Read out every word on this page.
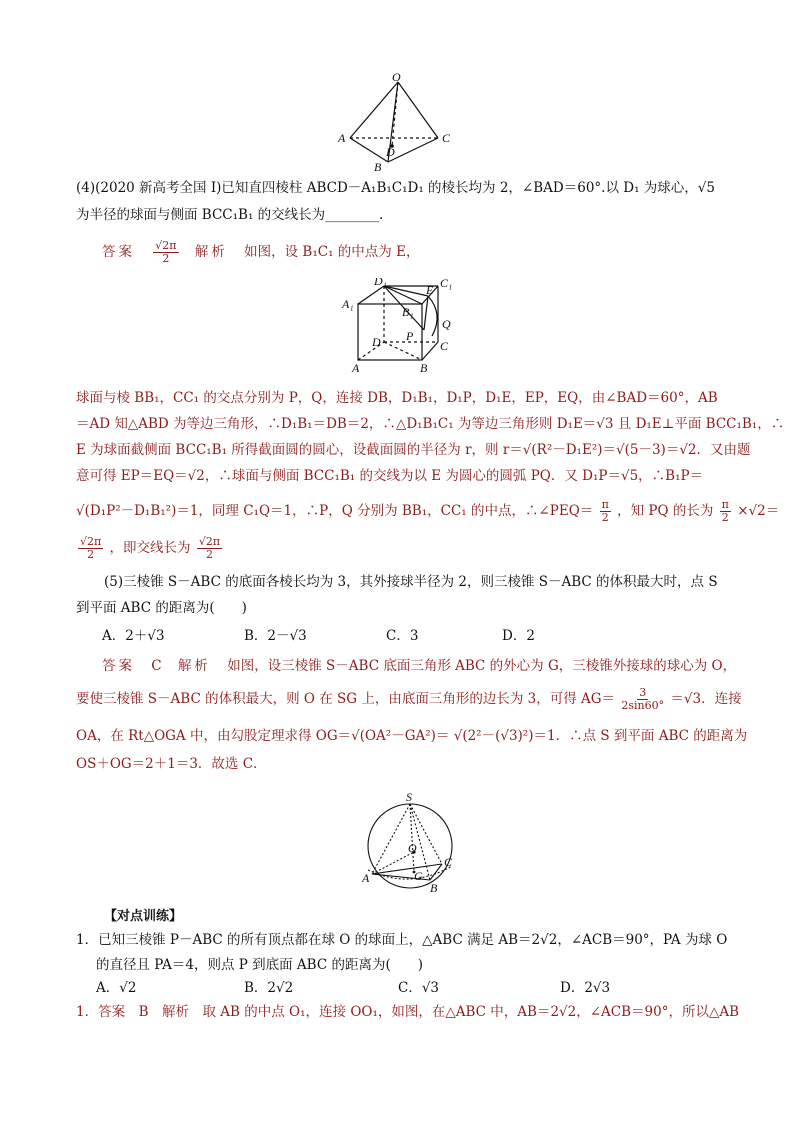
O
A	C
D
B
(4)(2020 新高考全国 I)已知直四棱柱 ABCD－A₁B₁C₁D₁ 的棱长均为 2，∠BAD＝60°.以 D₁ 为球心，√5
为半径的球面与侧面 BCC₁B₁ 的交线长为________．
答案 $\frac{√2\pi}{2}$ 解析 如图，设 B₁C₁ 的中点为 E，
D₁	C₁
A₁
E
B₁
Q
P
D	C
A	B
球面与棱 BB₁，CC₁ 的交点分别为 P，Q，连接 DB，D₁B₁，D₁P，D₁E，EP，EQ，由∠BAD＝60°，AB
＝AD 知△ABD 为等边三角形，∴D₁B₁＝DB＝2，∴△D₁B₁C₁ 为等边三角形则 D₁E＝√3 且 D₁E⊥平面 BCC₁B₁，∴
E 为球面截侧面 BCC₁B₁ 所得截面圆的圆心，设截面圆的半径为 r，则 r＝√(R²－D₁E²)＝√(5－3)＝√2．又由题
意可得 EP＝EQ＝√2，∴球面与侧面 BCC₁B₁ 的交线为以 E 为圆心的圆弧 PQ．又 D₁P＝√5，∴B₁P＝
√(D₁P²－D₁B₁²)＝1，同理 C₁Q＝1，∴P，Q 分别为 BB₁，CC₁ 的中点，∴∠PEQ＝ $\frac{\pi}{2}$ ，知 PQ 的长为 $\frac{\pi}{2} \times√2=$
$\frac{√2\pi}{2}$ ，即交线长为 $\frac{√2\pi}{2}$
(5)三棱锥 S－ABC 的底面各棱长均为 3，其外接球半径为 2，则三棱锥 S－ABC 的体积最大时，点 S
到平面 ABC 的距离为(　　)
A．2＋√3	B．2－√3	C．3	D．2
答案 C 解析 如图，设三棱锥 S－ABC 底面三角形 ABC 的外心为 G，三棱锥外接球的球心为 O，
要使三棱锥 S－ABC 的体积最大，则 O 在 SG 上，由底面三角形的边长为 3，可得 $AG= \frac{3}{2\sin 60^\circ} =√3$．连接
OA，在 Rt△OGA 中，由勾股定理求得 OG＝√(OA²－GA²)＝ √(2²－(√3)²)＝1．∴点 S 到平面 ABC 的距离为
OS＋OG＝2＋1＝3．故选 C．
S
O
C
A	G
B
【对点训练】
1．已知三棱锥 P－ABC 的所有顶点都在球 O 的球面上，△ABC 满足 AB＝2√2，∠ACB＝90°，PA 为球 O
的直径且 PA＝4，则点 P 到底面 ABC 的距离为(　　)
A．√2	B．2√2	C．√3	D．2√3
1．答案　B　解析　取 AB 的中点 O₁，连接 OO₁，如图，在△ABC 中，AB＝2√2，∠ACB＝90°，所以△AB
